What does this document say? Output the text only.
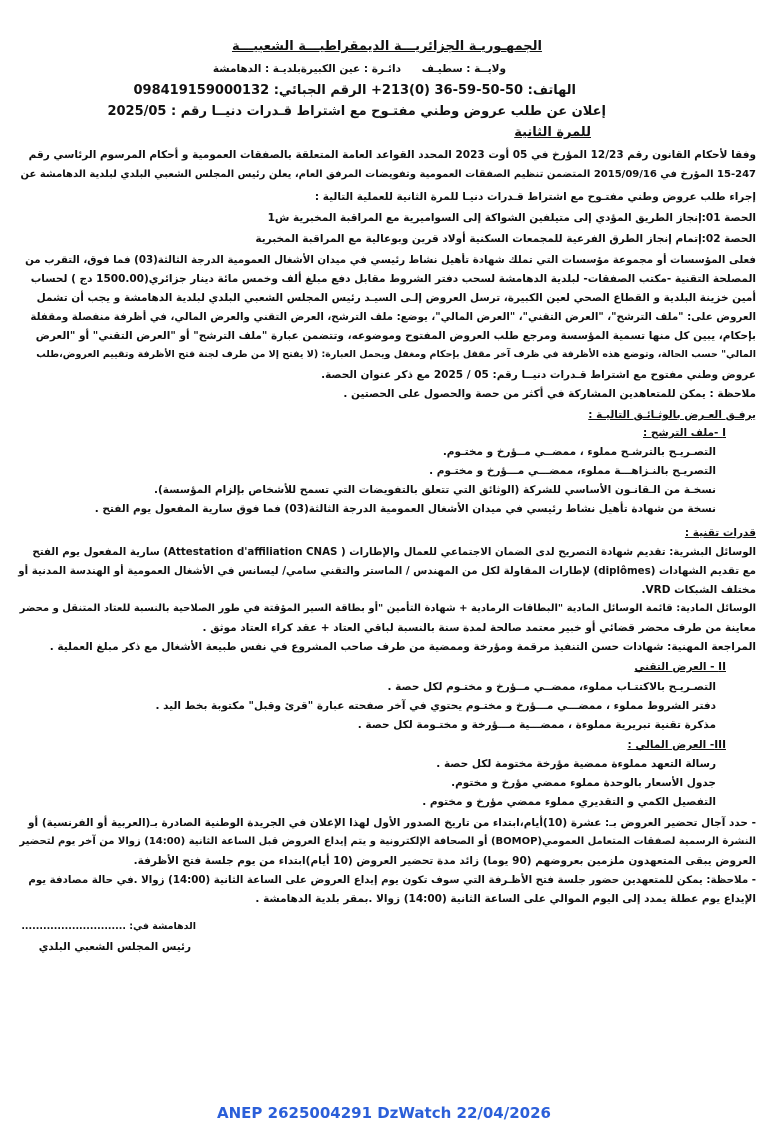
الجمهـوريـة الجزائريـــة الديمقراطيـــة الشعبيـــة
ولايــة : سطيـف
دائـرة : عين الكبيرة
بلديـة : الدهامشة
الهاتف: 50-50-59-36 (0)213+ الرقم الجبائي: 098419159000132
إعلان عن طلب عروض وطني مفتـوح مع اشتراط قـدرات دنيــا رقم : 2025/05
للمرة الثانية
وفقا لأحكام القانون رقم 12/23 المؤرخ في 05 أوت 2023 المحدد القواعد العامة المتعلقة بالصفقات العمومية و أحكام المرسوم الرئاسي رقم
15-247 المؤرخ في 2015/09/16 المتضمن تنظيم الصفقات العمومية وتفويضات المرفق العام، يعلن رئيس المجلس الشعبي البلدي لبلدية الدهامشة عن
إجراء طلب عروض وطني مفتـوح مع اشتراط قـدرات دنيـا للمرة الثانية للعملية التالية :
الحصة 01:إنجاز الطريق المؤدي إلى متيلفين الشواكة إلى السواميرية مع المراقبة المخبرية ش1
الحصة 02:إتمام إنجاز الطرق الفرعية للمجمعات السكنية أولاد قرين وبوعالية مع المراقبة المخبرية
فعلى المؤسسات أو مجموعة مؤسسات التي تملك شهادة تأهيل نشاط رئيسي في ميدان الأشغال العمومية الدرجة الثالثة(03) فما فوق، التقرب من
المصلحة التقنية -مكتب الصفقات- لبلدية الدهامشة لسحب دفتر الشروط مقابل دفع مبلغ ألف وخمس مائة دينار جزائري(1500.00 دج ) لحساب
أمين خزينة البلدية و القطاع الصحي لعين الكبيرة، ترسل العروض إلـى السيـد رئيس المجلس الشعبي البلدي لبلدية الدهامشة و يجب أن تشمل
العروض على: "ملف الترشح"، "العرض التقني"، "العرض المالي"، يوضع: ملف الترشح، العرض التقني والعرض المالي، في أظرفة منفصلة ومقفلة
بإحكام، يبين كل منها تسمية المؤسسة ومرجع طلب العروض المفتوح وموضوعه، وتتضمن عبارة "ملف الترشح" أو "العرض التقني" أو "العرض
المالي" حسب الحالة، وتوضع هذه الأظرفة في ظرف آخر مقفل بإحكام ومغفل ويحمل العبارة: (لا يفتح إلا من طرف لجنة فتح الأظرفة وتقييم العروض،طلب
عروض وطني مفتوح مع اشتراط قـدرات دنيــا رقم: 05 / 2025 مع ذكر عنوان الحصة.
ملاحظة : يمكن للمتعاهدين المشاركة في أكثر من حصة والحصول على الحصتين .
يرفـق العـرض بالوثـائـق التاليـة :
I -ملف الترشح :
التصـريـح بالترشـح مملوء ، ممضــي مــؤرخ و مختـوم.
التصريـح بالنـزاهـــة مملوء، ممضـــي مـــؤرخ و مختـوم .
نسخـة من الـقانـون الأساسي للشركة (الوثائق التي تتعلق بالتفويضات التي تسمح للأشخاص بإلزام المؤسسة).
نسخة من شهادة تأهيل نشاط رئيسي في ميدان الأشغال العمومية الدرجة الثالثة(03) فما فوق سارية المفعول يوم الفتح .
قدرات تقنية :
الوسائل البشرية: تقديم شهادة التصريح لدى الضمان الاجتماعي للعمال والإطارات ( Attestation d'affiliation CNAS) سارية المفعول يوم الفتح
مع تقديم الشهادات (diplômes) لإطارات المقاولة لكل من المهندس / الماستر والتقني سامي/ ليسانس في الأشغال العمومية أو الهندسة المدنية أو
مختلف الشبكات VRD.
الوسائل المادية: قائمة الوسائل المادية "البطاقات الرمادية + شهادة التأمين "أو بطاقة السير المؤقتة في طور الصلاحية بالنسبة للعتاد المتنقل و محضر
معاينة من طرف محضر قضائي أو خبير معتمد صالحة لمدة سنة بالنسبة لباقي العتاد + عقد كراء العتاد موثق .
المراجعة المهنية: شهادات حسن التنفيذ مرقمة ومؤرخة وممضية من طرف صاحب المشروع في نفس طبيعة الأشغال مع ذكر مبلغ العملية .
II - العرض التقني
التصـريـح بالاكتتـاب مملوء، ممضــي مــؤرخ و مختـوم لكل حصة .
دفتر الشروط مملوء ، ممضـــي مـــؤرخ و مختـوم يحتوي في آخر صفحته عبارة "قرئ وقبل" مكتوبة بخط اليد .
مذكرة تقنية تبريرية مملوءة ، ممضـــية مـــؤرخة و مختـومة لكل حصة .
III- العرض المالي :
رسالة التعهد مملوءة ممضية مؤرخة مختومة لكل حصة .
جدول الأسعار بالوحدة مملوء ممضي مؤرخ و مختوم.
التفصيل الكمي و التقديري مملوء ممضي مؤرخ و مختوم .
- حدد آجال تحضير العروض بـ: عشرة (10)أيام،ابتداء من تاريخ الصدور الأول لهذا الإعلان في الجريدة الوطنية الصادرة بـ(العربية أو الفرنسية) أو
النشرة الرسمية لصفقات المتعامل العمومي(BOMOP) أو الصحافة الإلكترونية و يتم إيداع العروض قبل الساعة الثانية (14:00) زوالا من آخر يوم لتحضير
العروض يبقى المتعهدون ملزمين بعروضهم (90 يوما) زائد مدة تحضير العروض (10 أيام)ابتداء من يوم جلسة فتح الأظرفة.
- ملاحظة: يمكن للمتعهدين حضور جلسة فتح الأظـرفة التي سوف تكون يوم إيداع العروض على الساعة الثانية (14:00) زوالا .في حالة مصادفة يوم
الإيداع يوم عطلة يمدد إلى اليوم الموالي على الساعة الثانية (14:00) زوالا .بمقر بلدية الدهامشة .
الدهامشة في: .............................
رئيس المجلس الشعبي البلدي
ANEP 2625004291 DzWatch 22/04/2026
